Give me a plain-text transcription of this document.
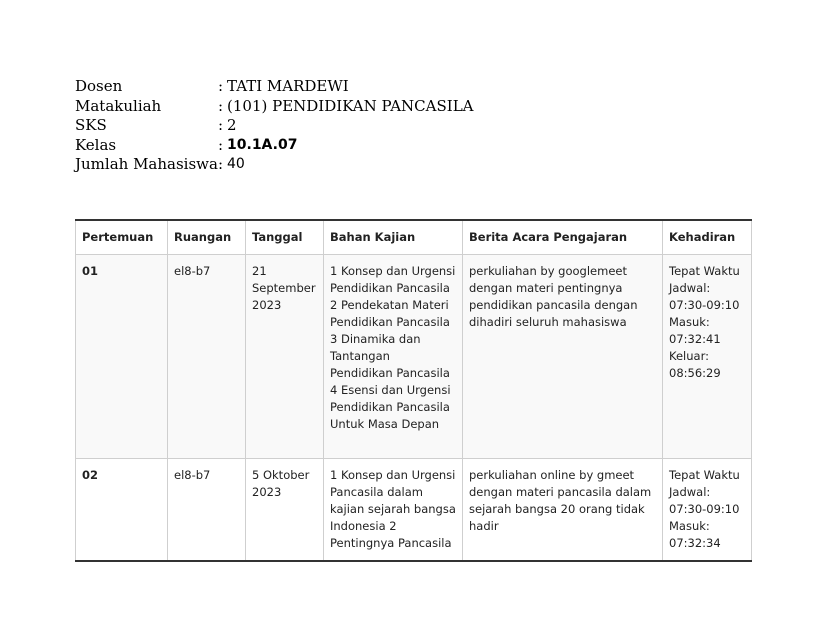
Dosen	:	TATI MARDEWI
Matakuliah	:	(101) PENDIDIKAN PANCASILA
SKS	:	2
Kelas	:	10.1A.07
Jumlah Mahasiswa	:	40
Pertemuan	Ruangan	Tanggal	Bahan Kajian	Berita Acara Pengajaran	Kehadiran
01	el8-b7	21 September 2023	1 Konsep dan Urgensi Pendidikan Pancasila 2 Pendekatan Materi Pendidikan Pancasila 3 Dinamika dan Tantangan Pendidikan Pancasila 4 Esensi dan Urgensi Pendidikan Pancasila Untuk Masa Depan	perkuliahan by googlemeet dengan materi pentingnya pendidikan pancasila dengan dihadiri seluruh mahasiswa	Tepat Waktu Jadwal: 07:30-09:10 Masuk: 07:32:41 Keluar: 08:56:29
02	el8-b7	5 Oktober 2023	1 Konsep dan Urgensi Pancasila dalam kajian sejarah bangsa Indonesia 2 Pentingnya Pancasila	perkuliahan online by gmeet dengan materi pancasila dalam sejarah bangsa 20 orang tidak hadir	Tepat Waktu Jadwal: 07:30-09:10 Masuk: 07:32:34
